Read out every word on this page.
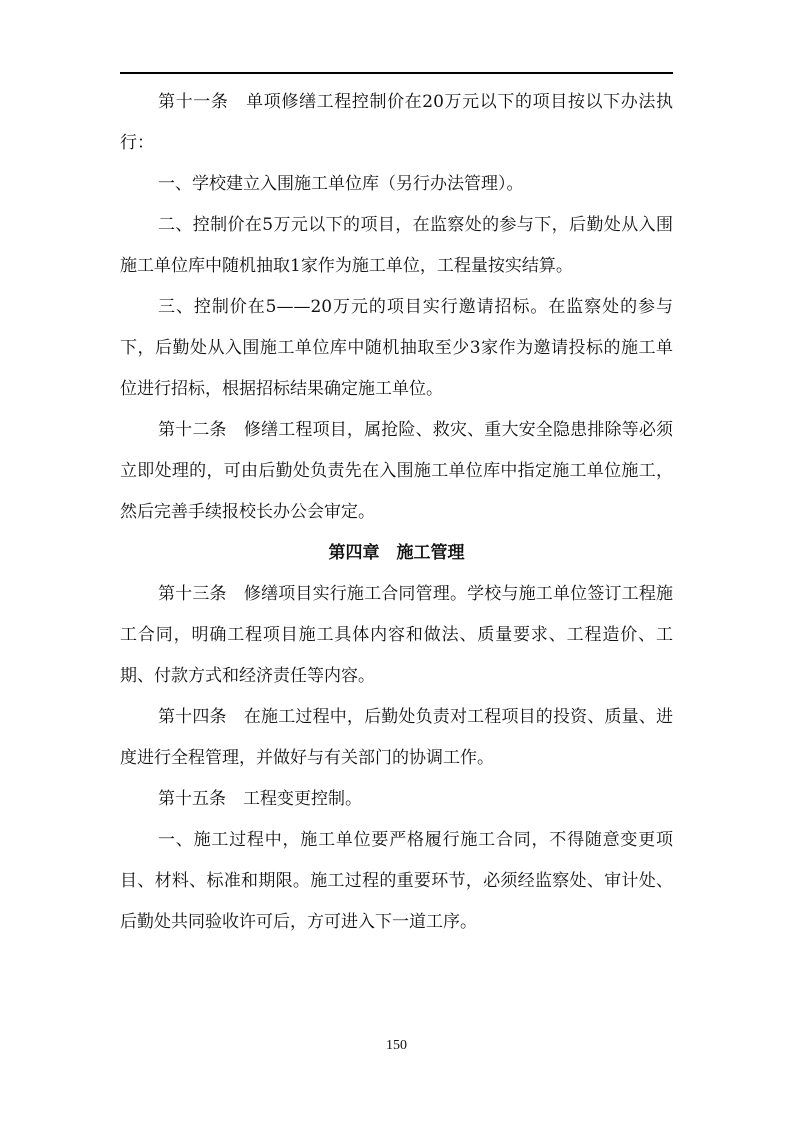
第十一条 单项修缮工程控制价在20万元以下的项目按以下办法执行：

一、学校建立入围施工单位库（另行办法管理）。

二、控制价在5万元以下的项目，在监察处的参与下，后勤处从入围施工单位库中随机抽取1家作为施工单位，工程量按实结算。

三、控制价在5——20万元的项目实行邀请招标。在监察处的参与下，后勤处从入围施工单位库中随机抽取至少3家作为邀请投标的施工单位进行招标，根据招标结果确定施工单位。

第十二条 修缮工程项目，属抢险、救灾、重大安全隐患排除等必须立即处理的，可由后勤处负责先在入围施工单位库中指定施工单位施工，然后完善手续报校长办公会审定。

第四章　施工管理

第十三条 修缮项目实行施工合同管理。学校与施工单位签订工程施工合同，明确工程项目施工具体内容和做法、质量要求、工程造价、工期、付款方式和经济责任等内容。

第十四条 在施工过程中，后勤处负责对工程项目的投资、质量、进度进行全程管理，并做好与有关部门的协调工作。

第十五条 工程变更控制。

一、施工过程中，施工单位要严格履行施工合同，不得随意变更项目、材料、标准和期限。施工过程的重要环节，必须经监察处、审计处、后勤处共同验收许可后，方可进入下一道工序。

150
